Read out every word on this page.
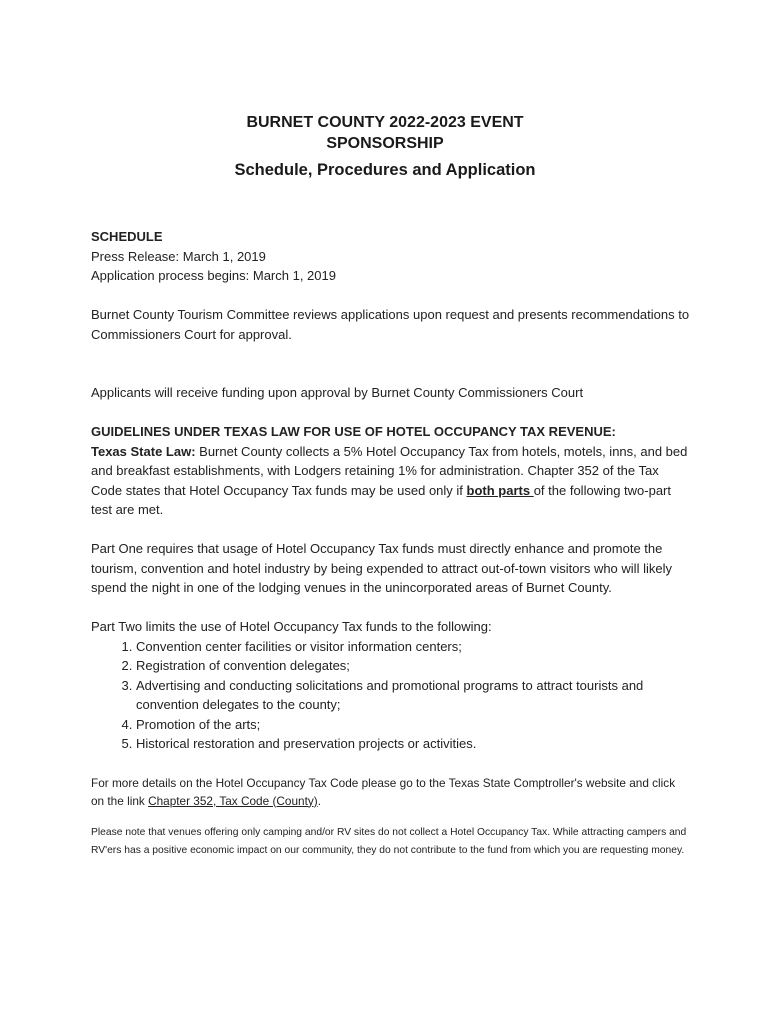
BURNET COUNTY 2022-2023 EVENT
SPONSORSHIP
Schedule, Procedures and Application

SCHEDULE

Press Release: March 1, 2019

Application process begins: March 1, 2019

Burnet County Tourism Committee reviews applications upon request and presents recommendations to Commissioners Court for approval.

Applicants will receive funding upon approval by Burnet County Commissioners Court

GUIDELINES UNDER TEXAS LAW FOR USE OF HOTEL OCCUPANCY TAX REVENUE:

Texas State Law: Burnet County collects a 5% Hotel Occupancy Tax from hotels, motels, inns, and bed and breakfast establishments, with Lodgers retaining 1% for administration. Chapter 352 of the Tax Code states that Hotel Occupancy Tax funds may be used only if both parts of the following two-part test are met.

Part One requires that usage of Hotel Occupancy Tax funds must directly enhance and promote the tourism, convention and hotel industry by being expended to attract out-of-town visitors who will likely spend the night in one of the lodging venues in the unincorporated areas of Burnet County.

Part Two limits the use of Hotel Occupancy Tax funds to the following:

1. Convention center facilities or visitor information centers;
2. Registration of convention delegates;
3. Advertising and conducting solicitations and promotional programs to attract tourists and convention delegates to the county;
4. Promotion of the arts;
5. Historical restoration and preservation projects or activities.

For more details on the Hotel Occupancy Tax Code please go to the Texas State Comptroller's website and click on the link Chapter 352, Tax Code (County).

Please note that venues offering only camping and/or RV sites do not collect a Hotel Occupancy Tax. While attracting campers and RV'ers has a positive economic impact on our community, they do not contribute to the fund from which you are requesting money.
